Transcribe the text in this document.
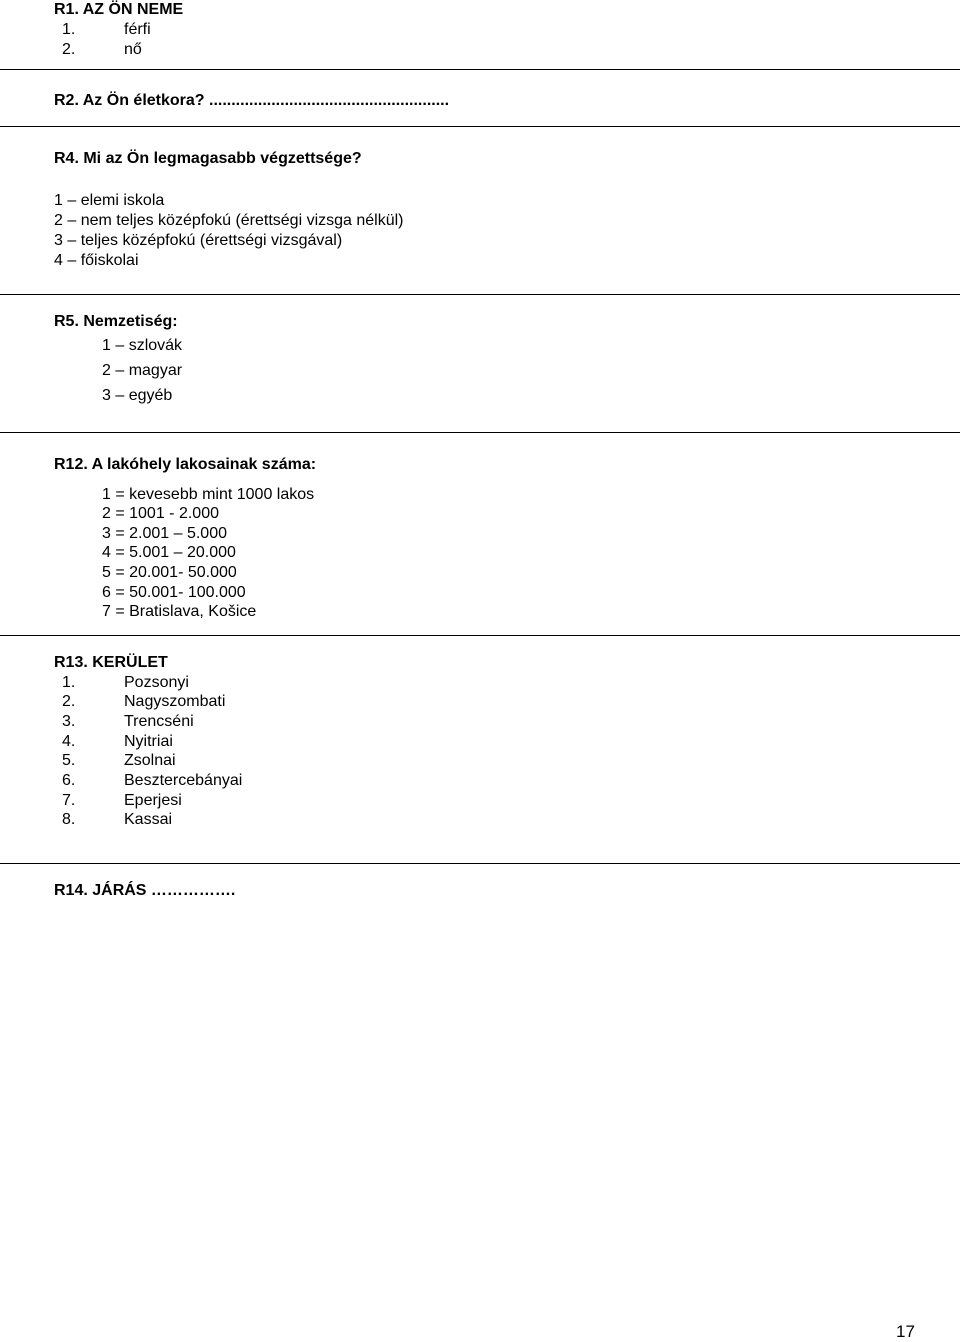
R1. AZ ÖN NEME
1.	férfi
2.	nő
R2. Az Ön életkora? ......................................................
R4. Mi az Ön legmagasabb végzettsége?
1 – elemi iskola
2 – nem teljes középfokú (érettségi vizsga nélkül)
3 – teljes középfokú (érettségi vizsgával)
4 – főiskolai
R5. Nemzetiség:
1 – szlovák
2 – magyar
3 – egyéb
R12. A lakóhely lakosainak száma:
1 = kevesebb mint 1000 lakos
2 = 1001 - 2.000
3 = 2.001 – 5.000
4 = 5.001 – 20.000
5 = 20.001- 50.000
6 = 50.001- 100.000
7 = Bratislava, Košice
R13. KERÜLET
1.	Pozsonyi
2.	Nagyszombati
3.	Trencséni
4.	Nyitriai
5.	Zsolnai
6.	Besztercebányai
7.	Eperjesi
8.	Kassai
R14. JÁRÁS …………….
17
